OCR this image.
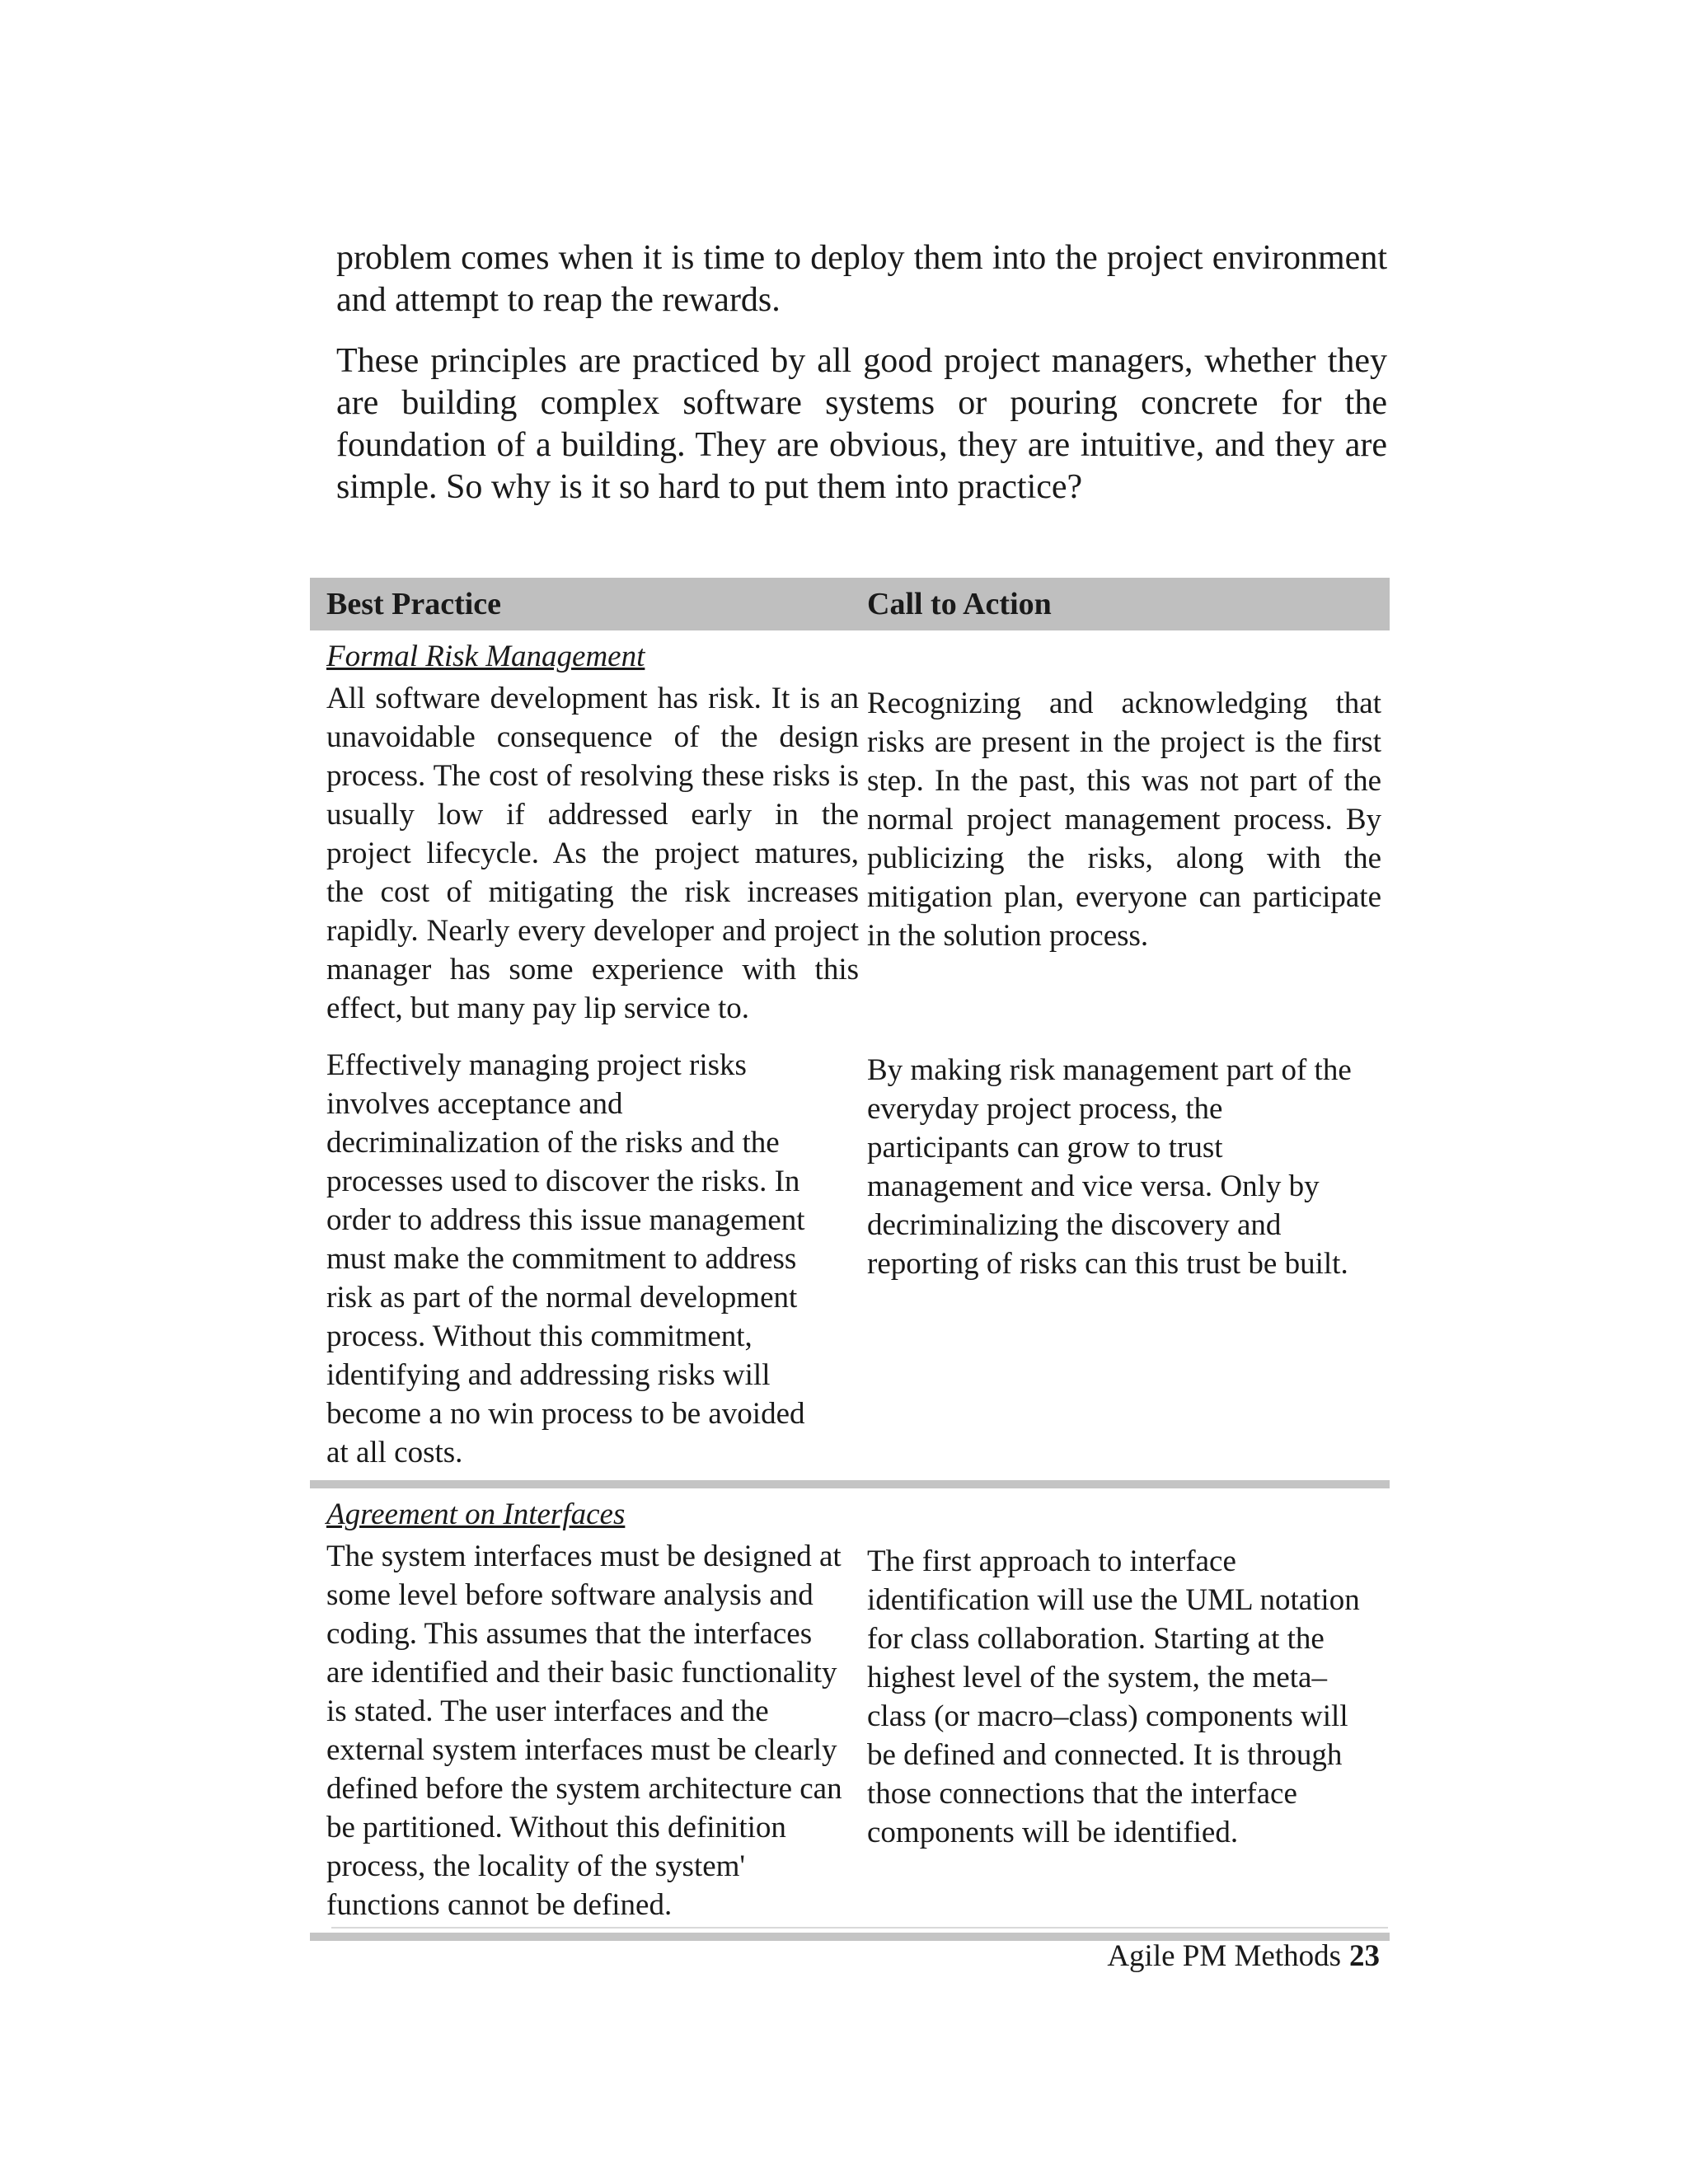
problem comes when it is time to deploy them into the project environment and attempt to reap the rewards.

These principles are practiced by all good project managers, whether they are building complex software systems or pouring concrete for the foundation of a building. They are obvious, they are intuitive, and they are simple. So why is it so hard to put them into practice?

Best Practice	Call to Action
Formal Risk Management
All software development has risk. It is an unavoidable consequence of the design process. The cost of resolving these risks is usually low if addressed early in the project lifecycle. As the project matures, the cost of mitigating the risk increases rapidly. Nearly every developer and project manager has some experience with this effect, but many pay lip service to.
Recognizing and acknowledging that risks are present in the project is the first step. In the past, this was not part of the normal project management process. By publicizing the risks, along with the mitigation plan, everyone can participate in the solution process.
Effectively managing project risks involves acceptance and decriminalization of the risks and the processes used to discover the risks. In order to address this issue management must make the commitment to address risk as part of the normal development process. Without this commitment, identifying and addressing risks will become a no win process to be avoided at all costs.
By making risk management part of the everyday project process, the participants can grow to trust management and vice versa. Only by decriminalizing the discovery and reporting of risks can this trust be built.
Agreement on Interfaces
The system interfaces must be designed at some level before software analysis and coding. This assumes that the interfaces are identified and their basic functionality is stated. The user interfaces and the external system interfaces must be clearly defined before the system architecture can be partitioned. Without this definition process, the locality of the system' functions cannot be defined.
The first approach to interface identification will use the UML notation for class collaboration. Starting at the highest level of the system, the meta–class (or macro–class) components will be defined and connected. It is through those connections that the interface components will be identified.
Agile PM Methods 23
